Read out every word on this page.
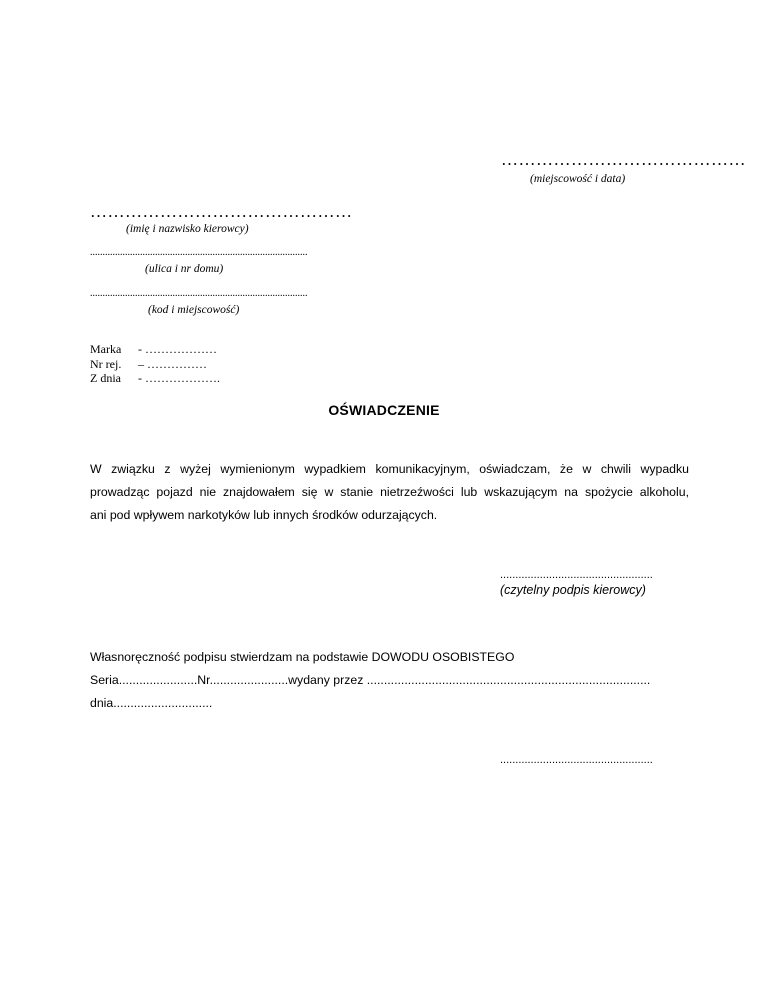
……………………………………
(miejscowość i data)
………………………………………
(imię i nazwisko kierowcy)
.......................................................................................
(ulica i nr domu)
.......................................................................................
(kod i miejscowość)
Marka	- ………………
Nr rej.	– ……………
Z dnia	- ……………….
OŚWIADCZENIE
W związku z wyżej wymienionym wypadkiem komunikacyjnym, oświadczam, że w chwili wypadku
prowadząc pojazd nie znajdowałem się w stanie nietrzeźwości lub wskazującym na spożycie alkoholu,
ani pod wpływem narkotyków lub innych środków odurzających.
..................................................
(czytelny podpis kierowcy)
Własnoręczność podpisu stwierdzam na podstawie DOWODU OSOBISTEGO
Seria.......................Nr.......................wydany przez ...................................................................................
dnia.............................
..................................................
